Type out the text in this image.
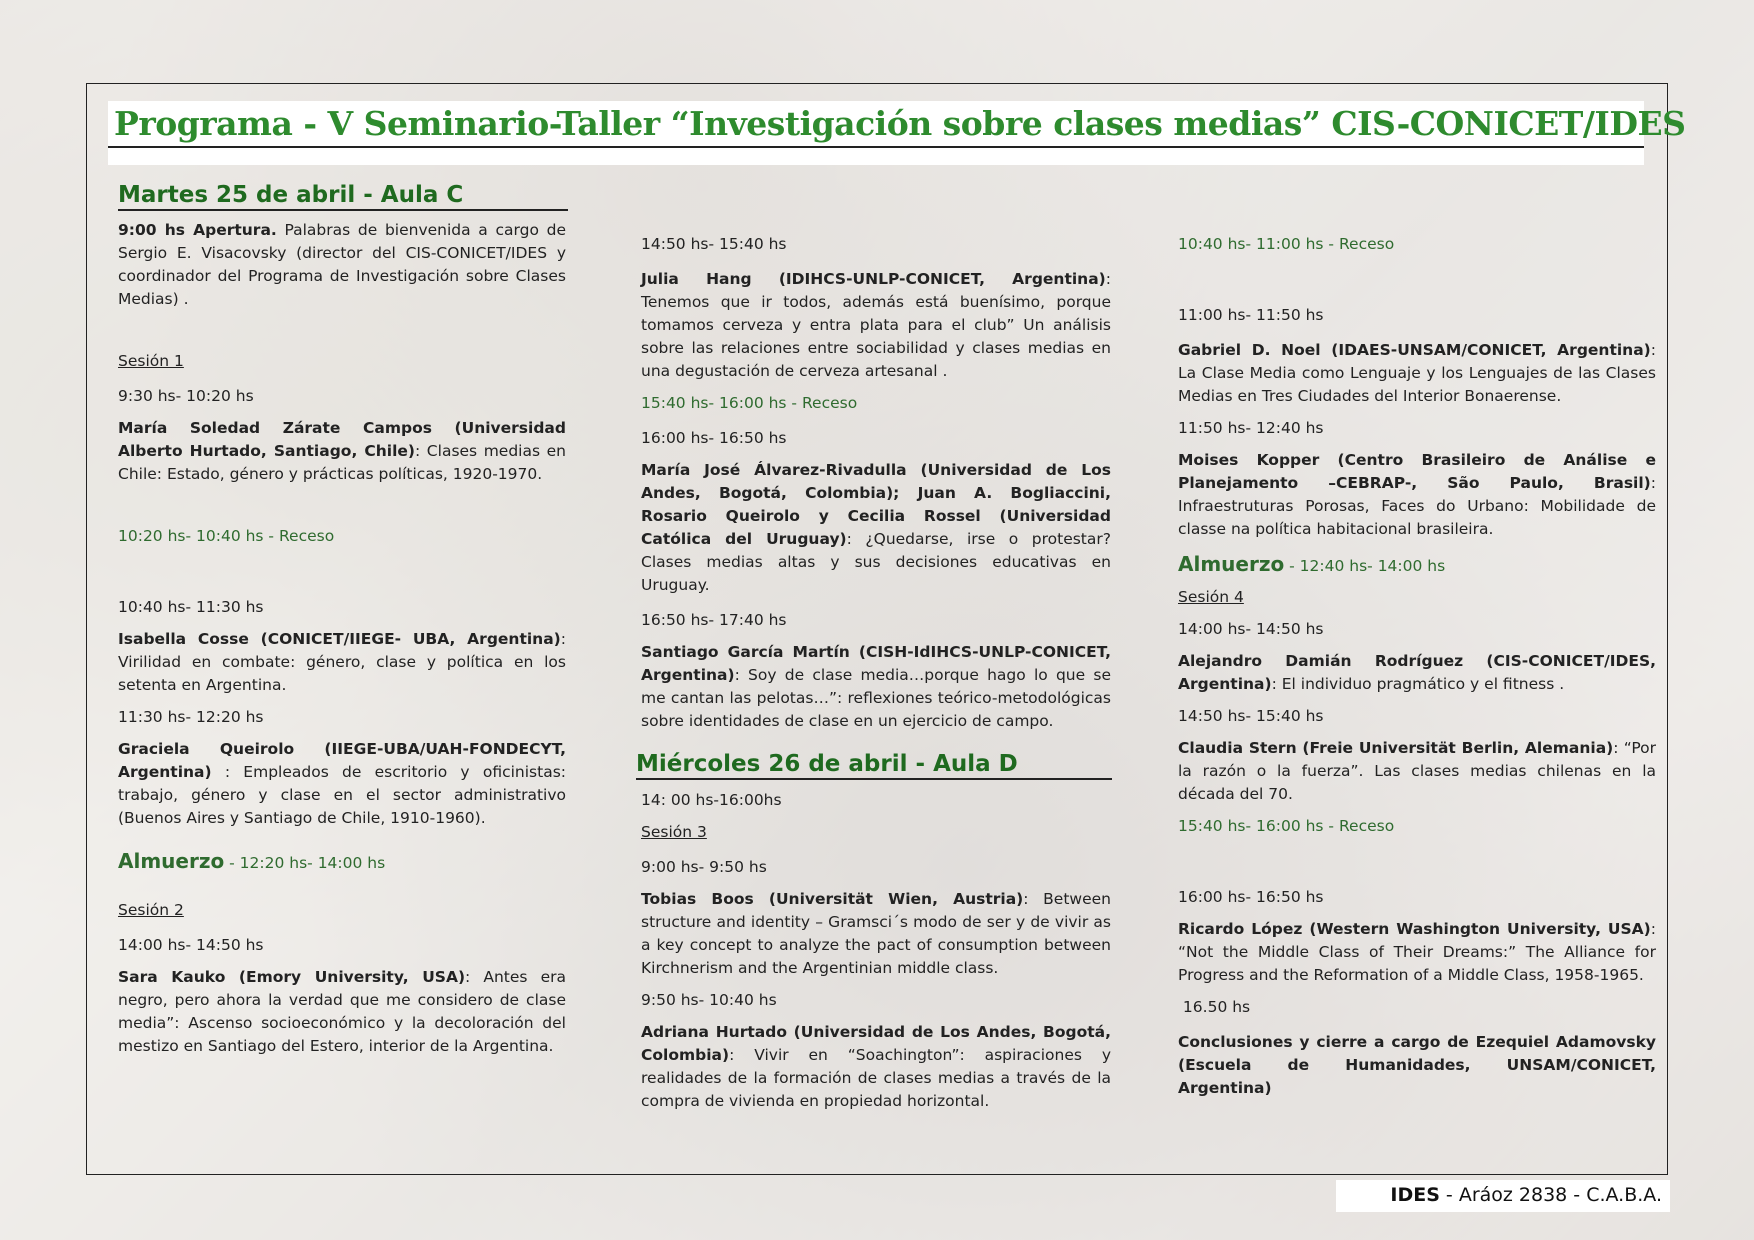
Programa - V Seminario-Taller “Investigación sobre clases medias” CIS-CONICET/IDES
Martes 25 de abril - Aula C

9:00 hs Apertura. Palabras de bienvenida a cargo de Sergio E. Visacovsky (director del CIS-CONICET/IDES y coordinador del Programa de Investigación sobre Clases Medias) .

Sesión 1

9:30 hs- 10:20 hs

María Soledad Zárate Campos (Universidad Alberto Hurtado, Santiago, Chile): Clases medias en Chile: Estado, género y prácticas políticas, 1920-1970.

10:20 hs- 10:40 hs - Receso

10:40 hs- 11:30 hs

Isabella Cosse (CONICET/IIEGE- UBA, Argentina): Virilidad en combate: género, clase y política en los setenta en Argentina.

11:30 hs- 12:20 hs

Graciela Queirolo (IIEGE-UBA/UAH-FONDECYT, Argentina) : Empleados de escritorio y oficinistas: trabajo, género y clase en el sector administrativo (Buenos Aires y Santiago de Chile, 1910-1960).

Almuerzo - 12:20 hs- 14:00 hs

Sesión 2

14:00 hs- 14:50 hs

Sara Kauko (Emory University, USA): Antes era negro, pero ahora la verdad que me considero de clase media”: Ascenso socioeconómico y la decoloración del mestizo en Santiago del Estero, interior de la Argentina.

14:50 hs- 15:40 hs

Julia Hang (IDIHCS-UNLP-CONICET, Argentina): Tenemos que ir todos, además está buenísimo, porque tomamos cerveza y entra plata para el club” Un análisis sobre las relaciones entre sociabilidad y clases medias en una degustación de cerveza artesanal .

15:40 hs- 16:00 hs - Receso

16:00 hs- 16:50 hs

María José Álvarez-Rivadulla (Universidad de Los Andes, Bogotá, Colombia); Juan A. Bogliaccini, Rosario Queirolo y Cecilia Rossel (Universidad Católica del Uruguay): ¿Quedarse, irse o protestar? Clases medias altas y sus decisiones educativas en Uruguay.

16:50 hs- 17:40 hs

Santiago García Martín (CISH-IdIHCS-UNLP-CONICET, Argentina): Soy de clase media…porque hago lo que se me cantan las pelotas…”: reflexiones teórico-metodológicas sobre identidades de clase en un ejercicio de campo.

Miércoles 26 de abril - Aula D

14: 00 hs-16:00hs

Sesión 3

9:00 hs- 9:50 hs

Tobias Boos (Universität Wien, Austria): Between structure and identity – Gramsci´s modo de ser y de vivir as a key concept to analyze the pact of consumption between Kirchnerism and the Argentinian middle class.

9:50 hs- 10:40 hs

Adriana Hurtado (Universidad de Los Andes, Bogotá, Colombia): Vivir en “Soachington”: aspiraciones y realidades de la formación de clases medias a través de la compra de vivienda en propiedad horizontal.

10:40 hs- 11:00 hs - Receso

11:00 hs- 11:50 hs

Gabriel D. Noel (IDAES-UNSAM/CONICET, Argentina): La Clase Media como Lenguaje y los Lenguajes de las Clases Medias en Tres Ciudades del Interior Bonaerense.

11:50 hs- 12:40 hs

Moises Kopper (Centro Brasileiro de Análise e Planejamento –CEBRAP-, São Paulo, Brasil): Infraestruturas Porosas, Faces do Urbano: Mobilidade de classe na política habitacional brasileira.

Almuerzo - 12:40 hs- 14:00 hs

Sesión 4

14:00 hs- 14:50 hs

Alejandro Damián Rodríguez (CIS-CONICET/IDES, Argentina): El individuo pragmático y el fitness .

14:50 hs- 15:40 hs

Claudia Stern (Freie Universität Berlin, Alemania): “Por la razón o la fuerza”. Las clases medias chilenas en la década del 70.

15:40 hs- 16:00 hs - Receso

16:00 hs- 16:50 hs

Ricardo López (Western Washington University, USA): “Not the Middle Class of Their Dreams:” The Alliance for Progress and the Reformation of a Middle Class, 1958-1965.

16.50 hs

Conclusiones y cierre a cargo de Ezequiel Adamovsky (Escuela de Humanidades, UNSAM/CONICET, Argentina)

IDES - Aráoz 2838 - C.A.B.A.
